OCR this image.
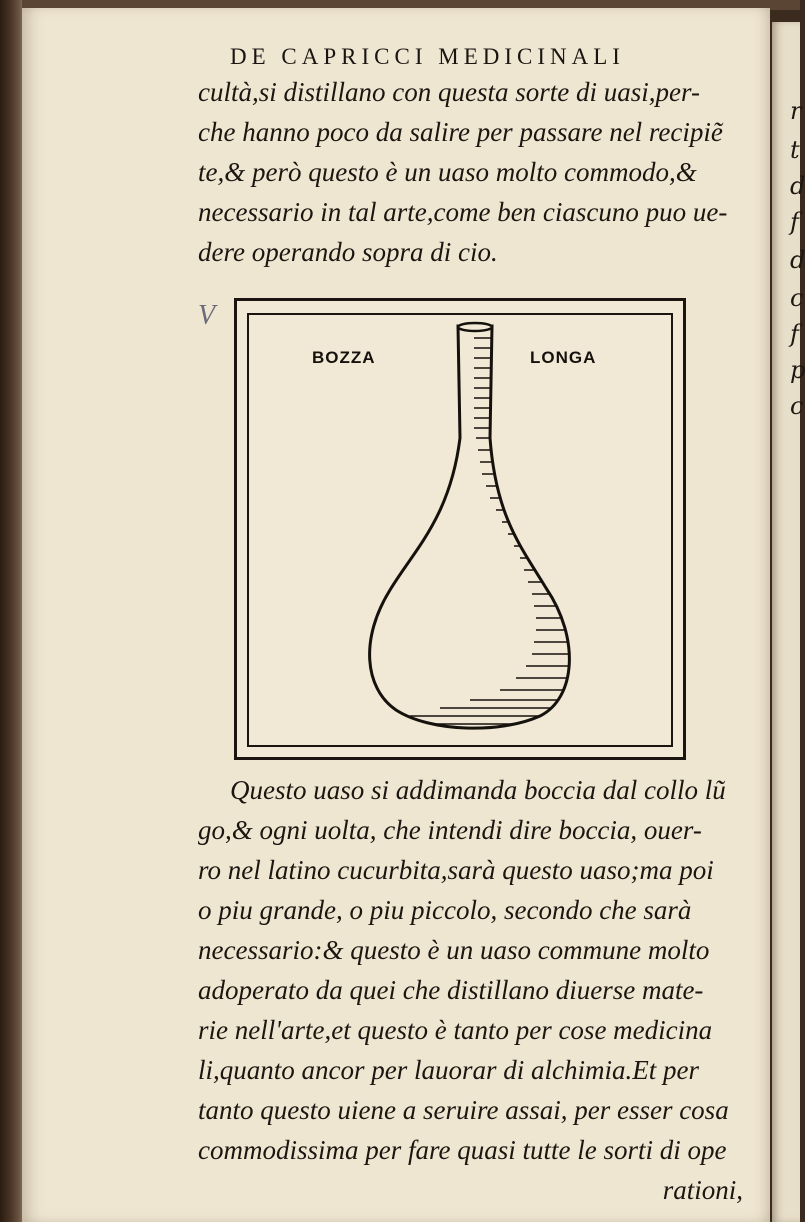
r
t
d
f
d
c
f
p
c
DE CAPRICCI MEDICINALI
cultà,si distillano con questa sorte di uasi,per-
che hanno poco da salire per passare nel recipiẽ
te,& però questo è un uaso molto commodo,&
necessario in tal arte,come ben ciascuno puo ue-
dere operando sopra di cio.
V
BOZZA	LONGA
Questo uaso si addimanda boccia dal collo lũ
go,& ogni uolta, che intendi dire boccia, ouer-
ro nel latino cucurbita,sarà questo uaso;ma poi
o piu grande, o piu piccolo, secondo che sarà
necessario:& questo è un uaso commune molto
adoperato da quei che distillano diuerse mate-
rie nell'arte,et questo è tanto per cose medicina
li,quanto ancor per lauorar di alchimia.Et per
tanto questo uiene a seruire assai, per esser cosa
commodissima per fare quasi tutte le sorti di ope
rationi,
